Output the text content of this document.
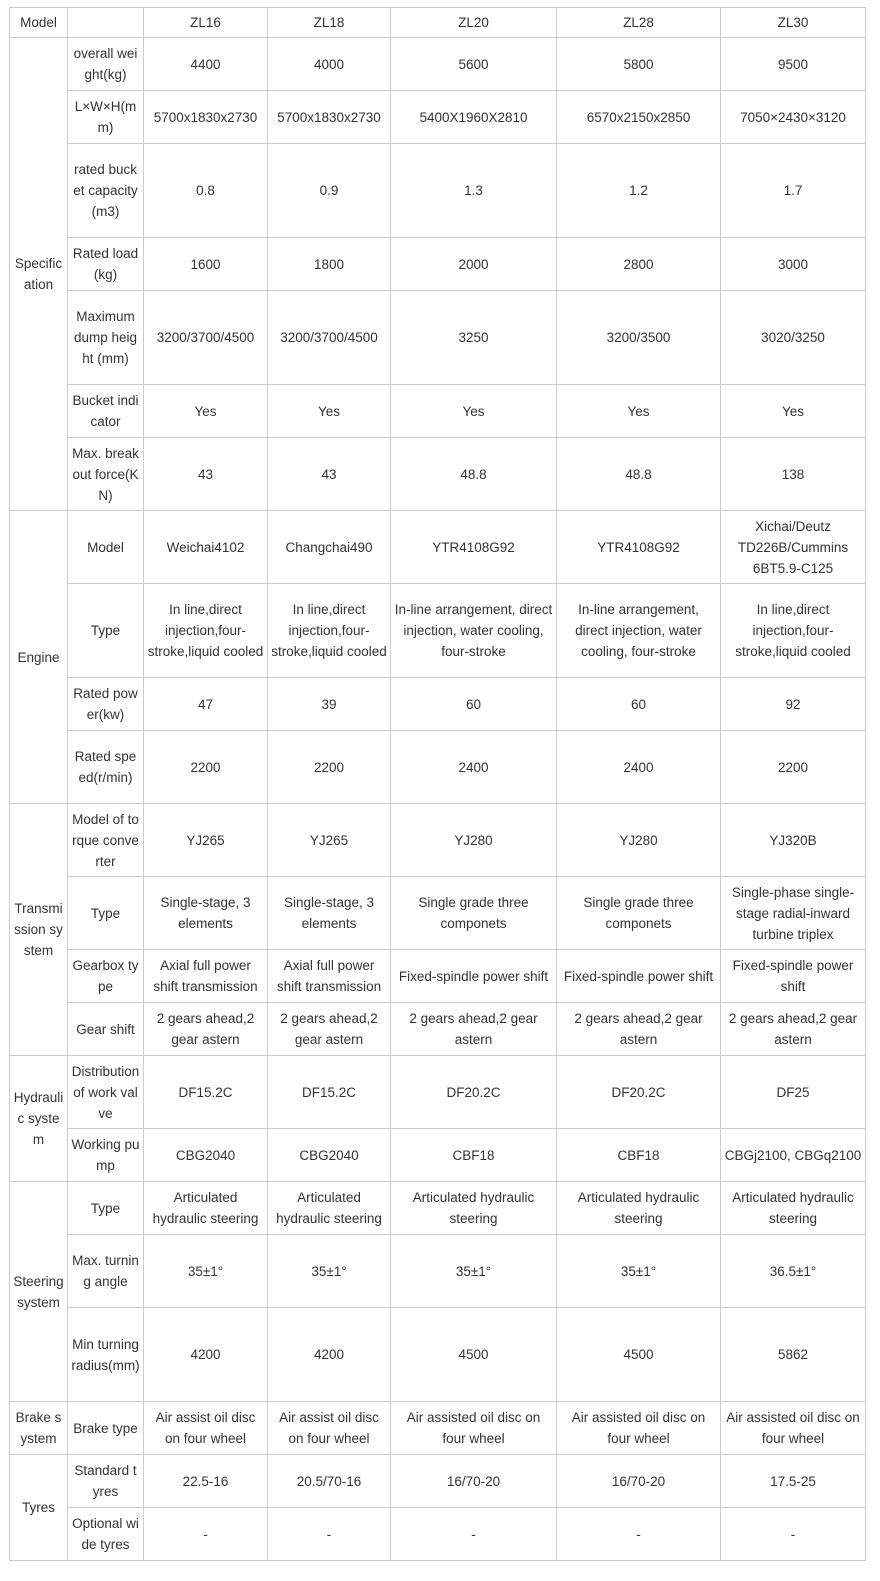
Model		ZL16	ZL18	ZL20	ZL28	ZL30
Specification	overall weight(kg)	4400	4000	5600	5800	9500
	L×W×H(mm)	5700x1830x2730	5700x1830x2730	5400X1960X2810	6570x2150x2850	7050×2430×3120
	rated bucket capacity(m3)	0.8	0.9	1.3	1.2	1.7
	Rated load(kg)	1600	1800	2000	2800	3000
	Maximum dump height (mm)	3200/3700/4500	3200/3700/4500	3250	3200/3500	3020/3250
	Bucket indicator	Yes	Yes	Yes	Yes	Yes
	Max. breakout force(KN)	43	43	48.8	48.8	138
Engine	Model	Weichai4102	Changchai490	YTR4108G92	YTR4108G92	Xichai/Deutz TD226B/Cummins 6BT5.9-C125
	Type	In line,direct injection,four-stroke,liquid cooled	In line,direct injection,four-stroke,liquid cooled	In-line arrangement, direct injection, water cooling, four-stroke	In-line arrangement, direct injection, water cooling, four-stroke	In line,direct injection,four-stroke,liquid cooled
	Rated power(kw)	47	39	60	60	92
	Rated speed(r/min)	2200	2200	2400	2400	2200
Transmission system	Model of torque converter	YJ265	YJ265	YJ280	YJ280	YJ320B
	Type	Single-stage, 3 elements	Single-stage, 3 elements	Single grade three componets	Single grade three componets	Single-phase single-stage radial-inward turbine triplex
	Gearbox type	Axial full power shift transmission	Axial full power shift transmission	Fixed-spindle power shift	Fixed-spindle power shift	Fixed-spindle power shift
	Gear shift	2 gears ahead,2 gear astern	2 gears ahead,2 gear astern	2 gears ahead,2 gear astern	2 gears ahead,2 gear astern	2 gears ahead,2 gear astern
Hydraulic system	Distribution of work valve	DF15.2C	DF15.2C	DF20.2C	DF20.2C	DF25
	Working pump	CBG2040	CBG2040	CBF18	CBF18	CBGj2100, CBGq2100
Steering system	Type	Articulated hydraulic steering	Articulated hydraulic steering	Articulated hydraulic steering	Articulated hydraulic steering	Articulated hydraulic steering
	Max. turning angle	35±1°	35±1°	35±1°	35±1°	36.5±1°
	Min turning radius(mm)	4200	4200	4500	4500	5862
Brake system	Brake type	Air assist oil disc on four wheel	Air assist oil disc on four wheel	Air assisted oil disc on four wheel	Air assisted oil disc on four wheel	Air assisted oil disc on four wheel
Tyres	Standard tyres	22.5-16	20.5/70-16	16/70-20	16/70-20	17.5-25
	Optional wide tyres	-	-	-	-	-
